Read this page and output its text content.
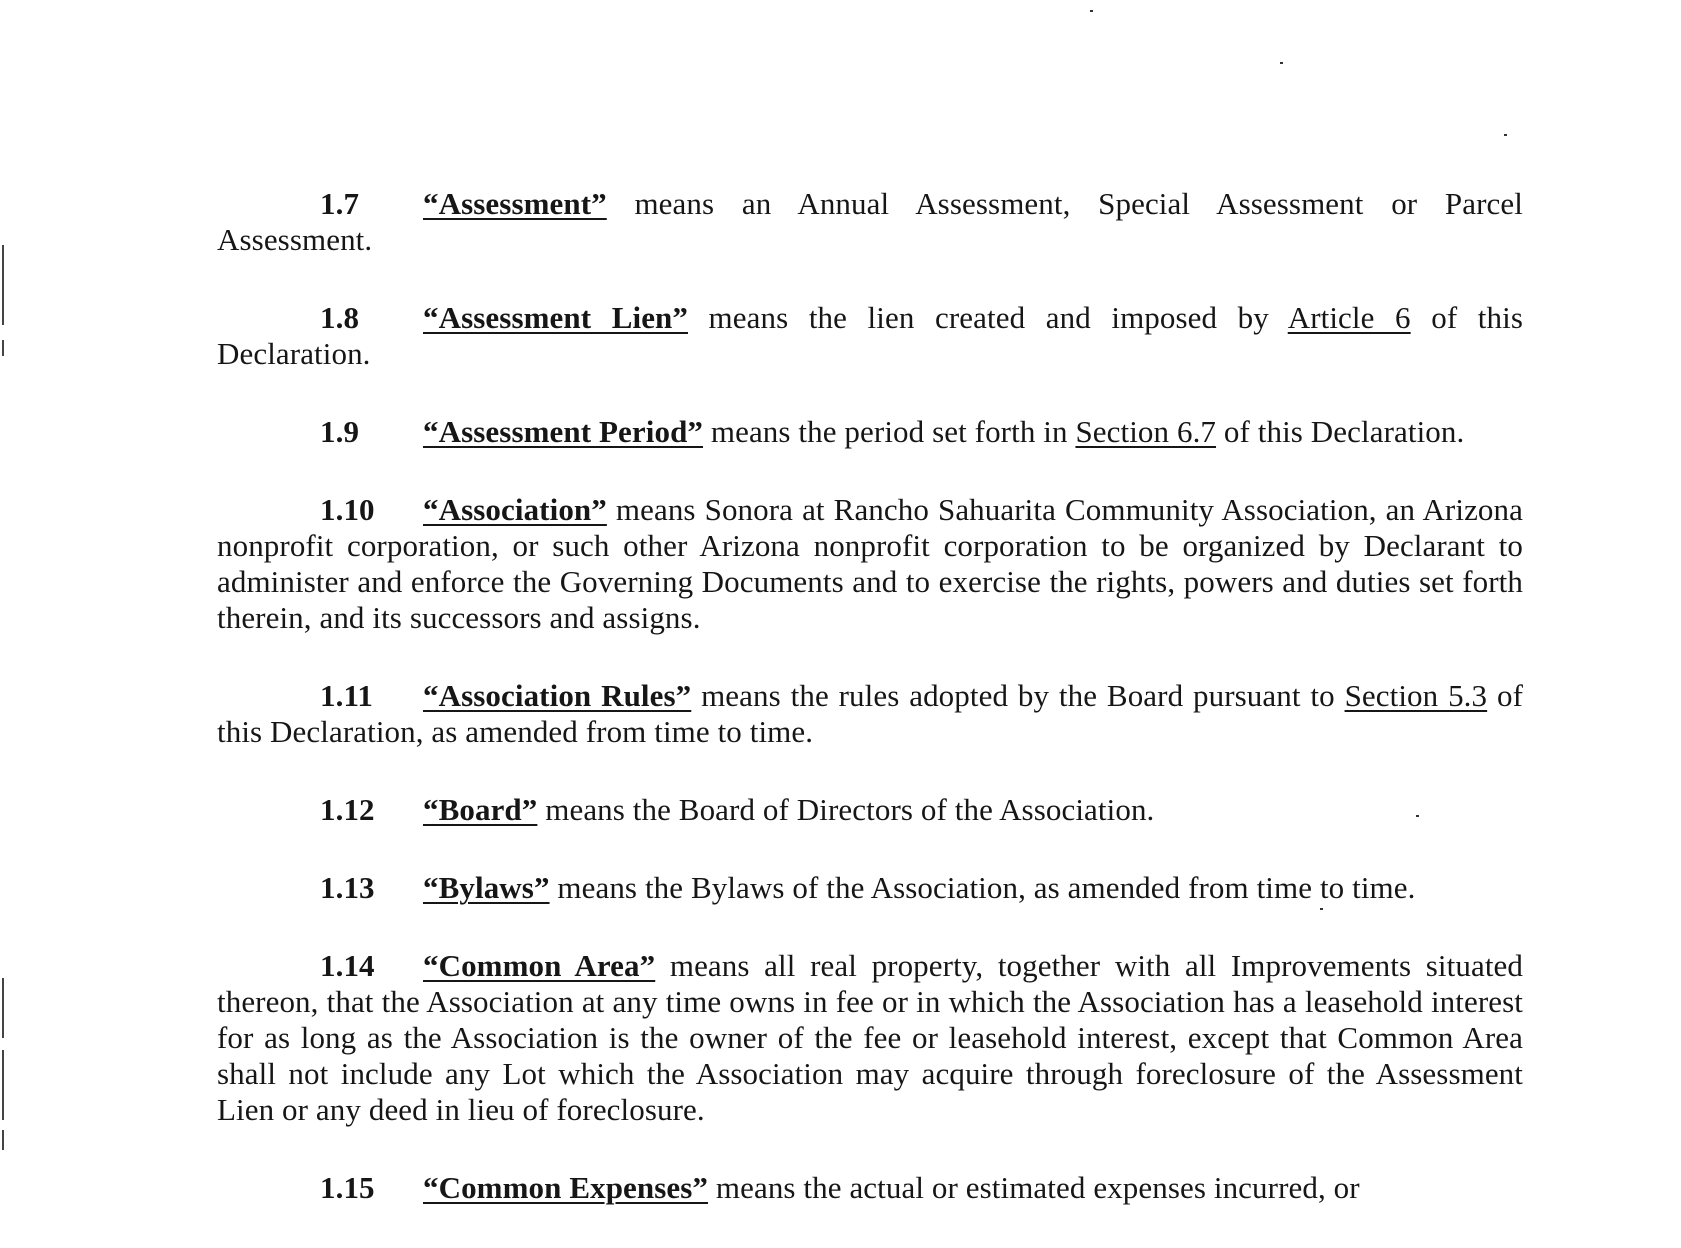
1.7 “Assessment” means an Annual Assessment, Special Assessment or Parcel Assessment.

1.8 “Assessment Lien” means the lien created and imposed by Article 6 of this Declaration.

1.9 “Assessment Period” means the period set forth in Section 6.7 of this Declaration.

1.10 “Association” means Sonora at Rancho Sahuarita Community Association, an Arizona nonprofit corporation, or such other Arizona nonprofit corporation to be organized by Declarant to administer and enforce the Governing Documents and to exercise the rights, powers and duties set forth therein, and its successors and assigns.

1.11 “Association Rules” means the rules adopted by the Board pursuant to Section 5.3 of this Declaration, as amended from time to time.

1.12 “Board” means the Board of Directors of the Association.

1.13 “Bylaws” means the Bylaws of the Association, as amended from time to time.

1.14 “Common Area” means all real property, together with all Improvements situated thereon, that the Association at any time owns in fee or in which the Association has a leasehold interest for as long as the Association is the owner of the fee or leasehold interest, except that Common Area shall not include any Lot which the Association may acquire through foreclosure of the Assessment Lien or any deed in lieu of foreclosure.

1.15 “Common Expenses” means the actual or estimated expenses incurred, or
